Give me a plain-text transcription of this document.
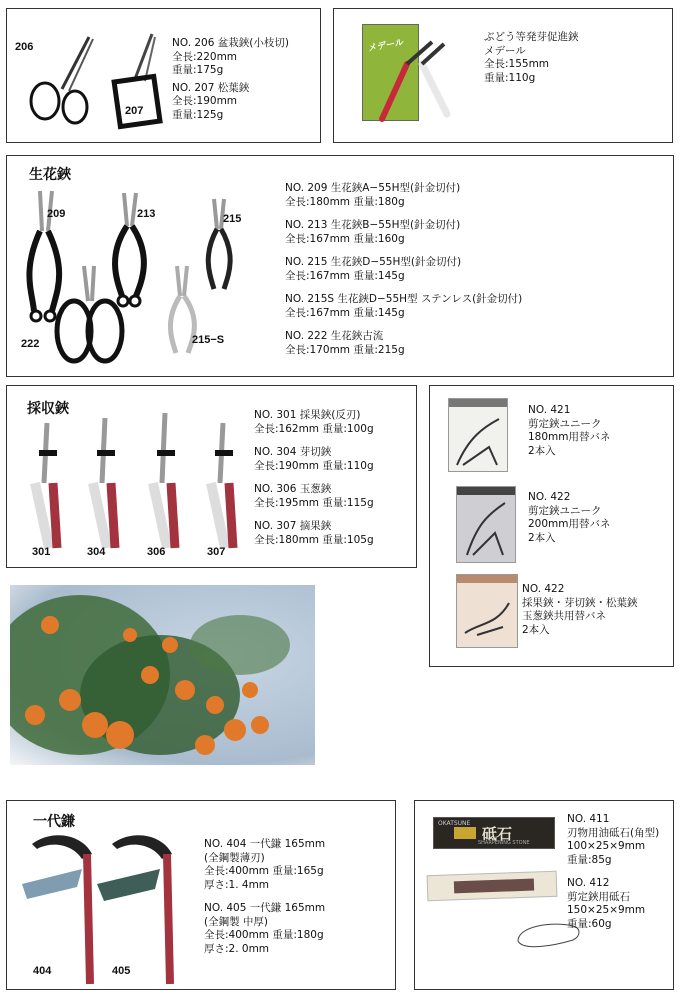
206
207
NO. 206 盆栽鋏(小枝切)
全長:220mm
重量:175g
NO. 207 松葉鋏
全長:190mm
重量:125g
メデール
ぶどう等発芽促進鋏
メデール
全長:155mm
重量:110g
生花鋏
209	213	215
222	215−S
NO. 209 生花鋏A−55H型(針金切付)
全長:180mm 重量:180g
NO. 213 生花鋏B−55H型(針金切付)
全長:167mm 重量:160g
NO. 215 生花鋏D−55H型(針金切付)
全長:167mm 重量:145g
NO. 215S 生花鋏D−55H型 ステンレス(針金切付)
全長:167mm 重量:145g
NO. 222 生花鋏古流
全長:170mm 重量:215g
採収鋏
301	304	306	307
NO. 301 採果鋏(反刃)
全長:162mm 重量:100g
NO. 304 芽切鋏
全長:190mm 重量:110g
NO. 306 玉葱鋏
全長:195mm 重量:115g
NO. 307 摘果鋏
全長:180mm 重量:105g
NO. 421
剪定鋏ユニーク
180mm用替バネ
2本入
NO. 422
剪定鋏ユニーク
200mm用替バネ
2本入
NO. 422
採果鋏・芽切鋏・松葉鋏
玉葱鋏共用替バネ
2本入
一代鎌
404	405
NO. 404 一代鎌 165mm
(全鋼製薄刃)
全長:400mm 重量:165g
厚さ:1. 4mm
NO. 405 一代鎌 165mm
(全鋼製 中厚)
全長:400mm 重量:180g
厚さ:2. 0mm
OKATSUNE
砥石
SHARPENING STONE
NO. 411
刃物用油砥石(角型)
100×25×9mm
重量:85g
NO. 412
剪定鋏用砥石
150×25×9mm
重量:60g
